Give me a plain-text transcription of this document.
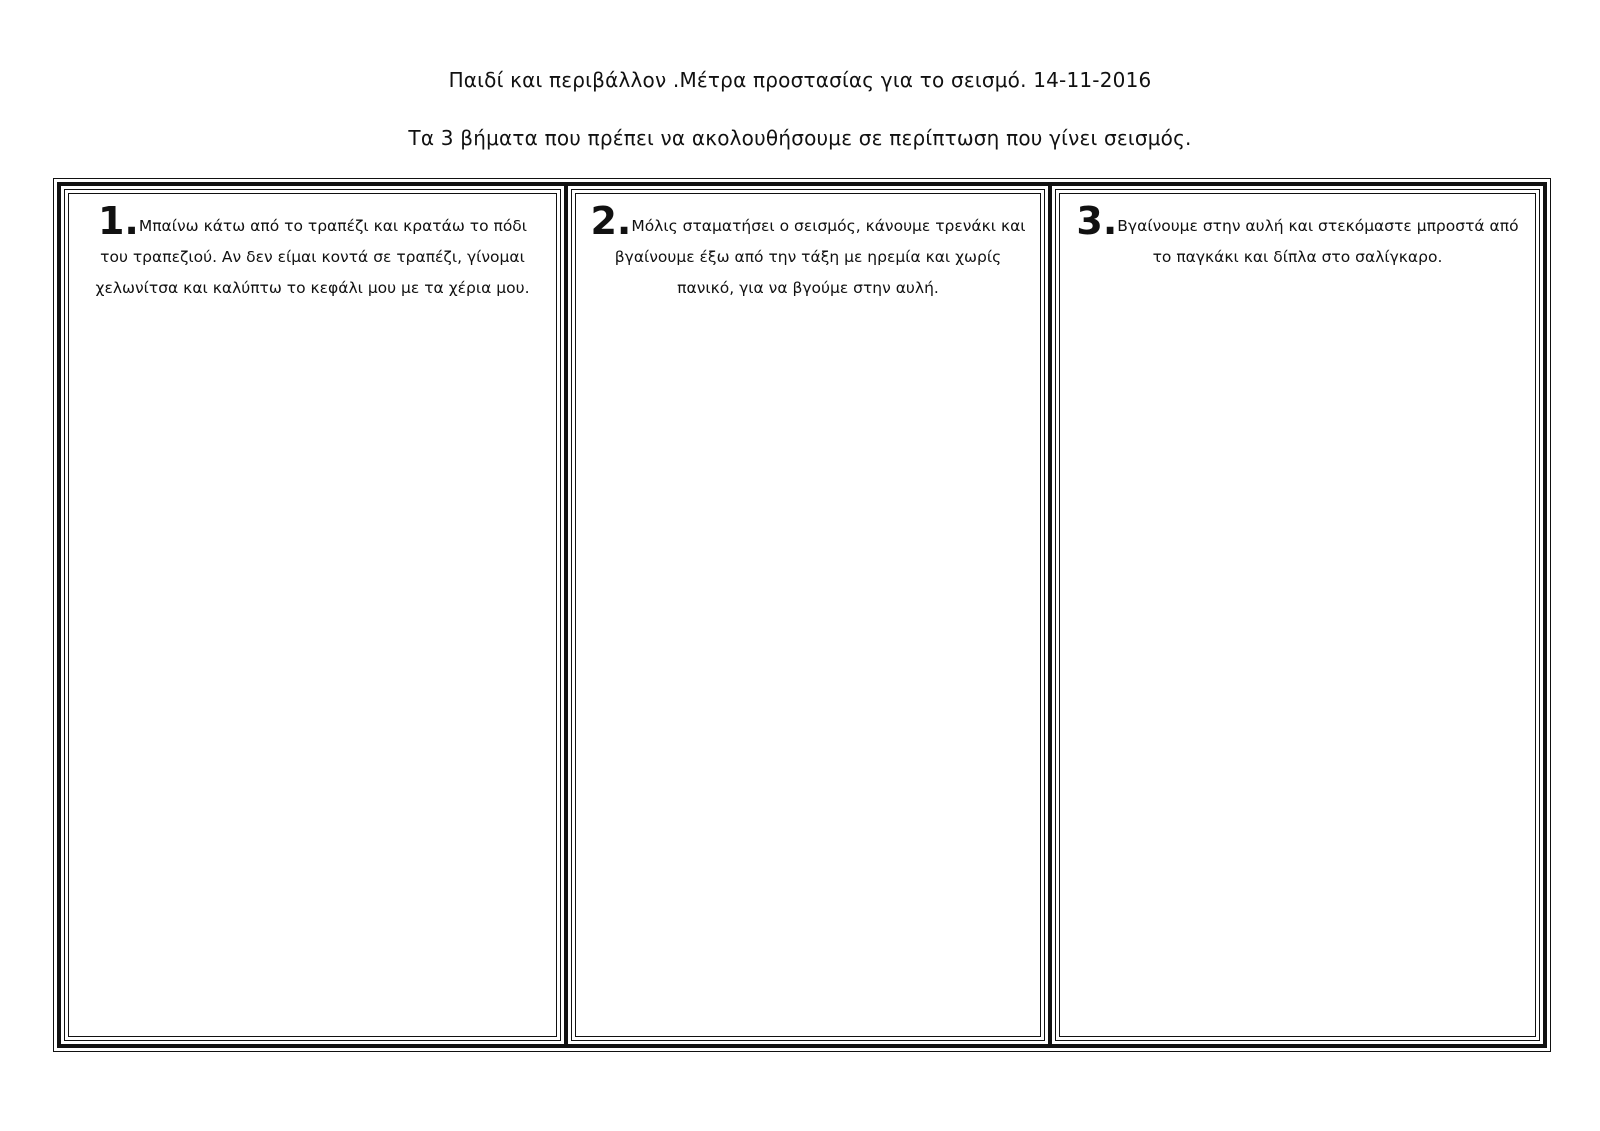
Παιδί και περιβάλλον .Μέτρα προστασίας για το σεισμό. 14-11-2016
Τα 3 βήματα που πρέπει να ακολουθήσουμε σε περίπτωση που γίνει σεισμός.
1.Μπαίνω κάτω από το τραπέζι και κρατάω το πόδι του τραπεζιού. Αν δεν είμαι κοντά σε τραπέζι, γίνομαι χελωνίτσα και καλύπτω το κεφάλι μου με τα χέρια μου.
2.Μόλις σταματήσει ο σεισμός, κάνουμε τρενάκι και βγαίνουμε έξω από την τάξη με ηρεμία και χωρίς πανικό, για να βγούμε στην αυλή.
3.Βγαίνουμε στην αυλή και στεκόμαστε μπροστά από το παγκάκι και δίπλα στο σαλίγκαρο.
